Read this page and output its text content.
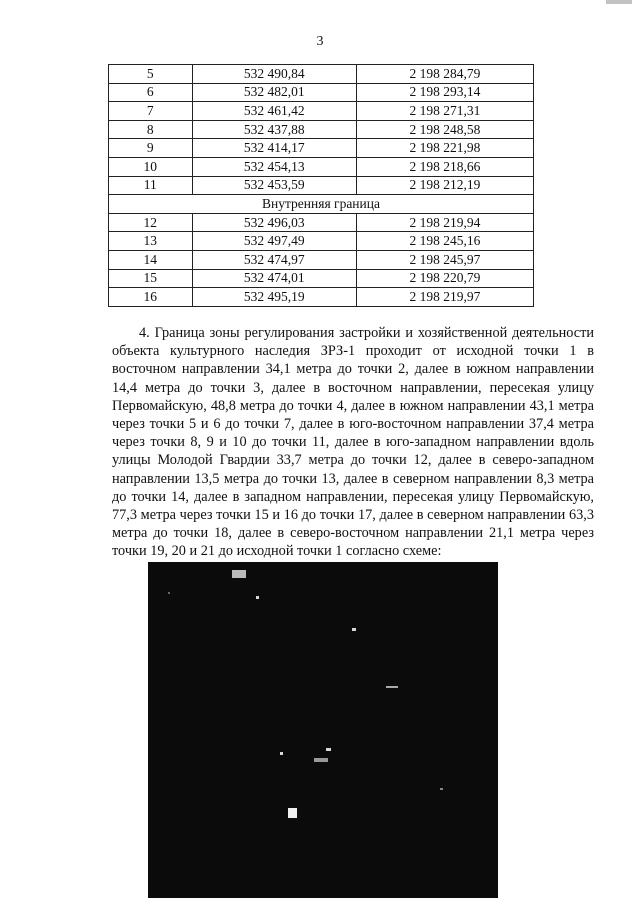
3
5	532 490,84	2 198 284,79
6	532 482,01	2 198 293,14
7	532 461,42	2 198 271,31
8	532 437,88	2 198 248,58
9	532 414,17	2 198 221,98
10	532 454,13	2 198 218,66
11	532 453,59	2 198 212,19
Внутренняя граница		
12	532 496,03	2 198 219,94
13	532 497,49	2 198 245,16
14	532 474,97	2 198 245,97
15	532 474,01	2 198 220,79
16	532 495,19	2 198 219,97

4. Граница зоны регулирования застройки и хозяйственной деятельности объекта культурного наследия ЗРЗ-1 проходит от исходной точки 1 в восточном направлении 34,1 метра до точки 2, далее в южном направлении 14,4 метра до точки 3, далее в восточном направлении, пересекая улицу Первомайскую, 48,8 метра до точки 4, далее в южном направлении 43,1 метра через точки 5 и 6 до точки 7, далее в юго-восточном направлении 37,4 метра через точки 8, 9 и 10 до точки 11, далее в юго-западном направлении вдоль улицы Молодой Гвардии 33,7 метра до точки 12, далее в северо-западном направлении 13,5 метра до точки 13, далее в северном направлении 8,3 метра до точки 14, далее в западном направлении, пересекая улицу Первомайскую, 77,3 метра через точки 15 и 16 до точки 17, далее в северном направлении 63,3 метра до точки 18, далее в северо-восточном направлении 21,1 метра через точки 19, 20 и 21 до исходной точки 1 согласно схеме:
